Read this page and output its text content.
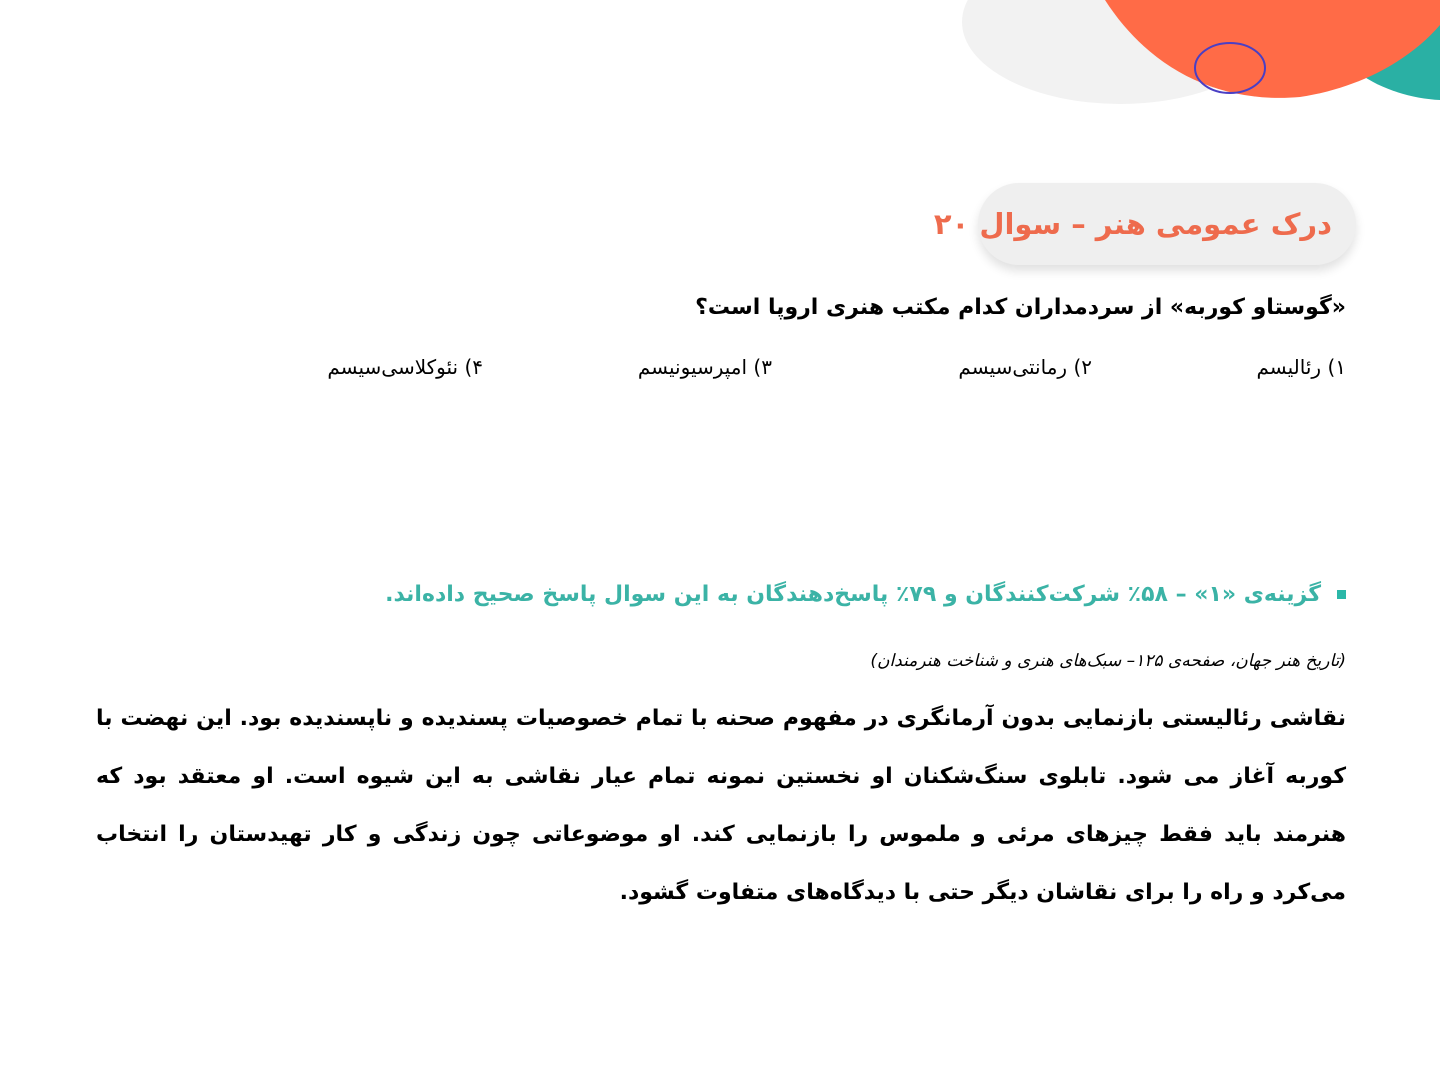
درک عمومی هنر – سوال ۲۰
«گوستاو کوربه» از سردمداران کدام مکتب هنری اروپا است؟
۱) رئالیسم
۲) رمانتی‌سیسم
۳) امپرسیونیسم
۴) نئوکلاسی‌سیسم
گزینه‌ی «۱» – ۵۸٪ شرکت‌کنندگان و ۷۹٪ پاسخ‌دهندگان به این سوال پاسخ صحیح داده‌اند.
(تاریخ هنر جهان، صفحه‌ی ۱۲۵– سبک‌های هنری و شناخت هنرمندان)
نقاشی رئالیستی بازنمایی بدون آرمانگری در مفهوم صحنه با تمام خصوصیات پسندیده و ناپسندیده بود. این نهضت با کوربه آغاز می شود. تابلوی سنگ‌شکنان او نخستین نمونه تمام عیار نقاشی به این شیوه است. او معتقد بود که هنرمند باید فقط چیزهای مرئی و ملموس را بازنمایی کند. او موضوعاتی چون زندگی و کار تهیدستان را انتخاب می‌کرد و راه را برای نقاشان دیگر حتی با دیدگاه‌های متفاوت گشود.
